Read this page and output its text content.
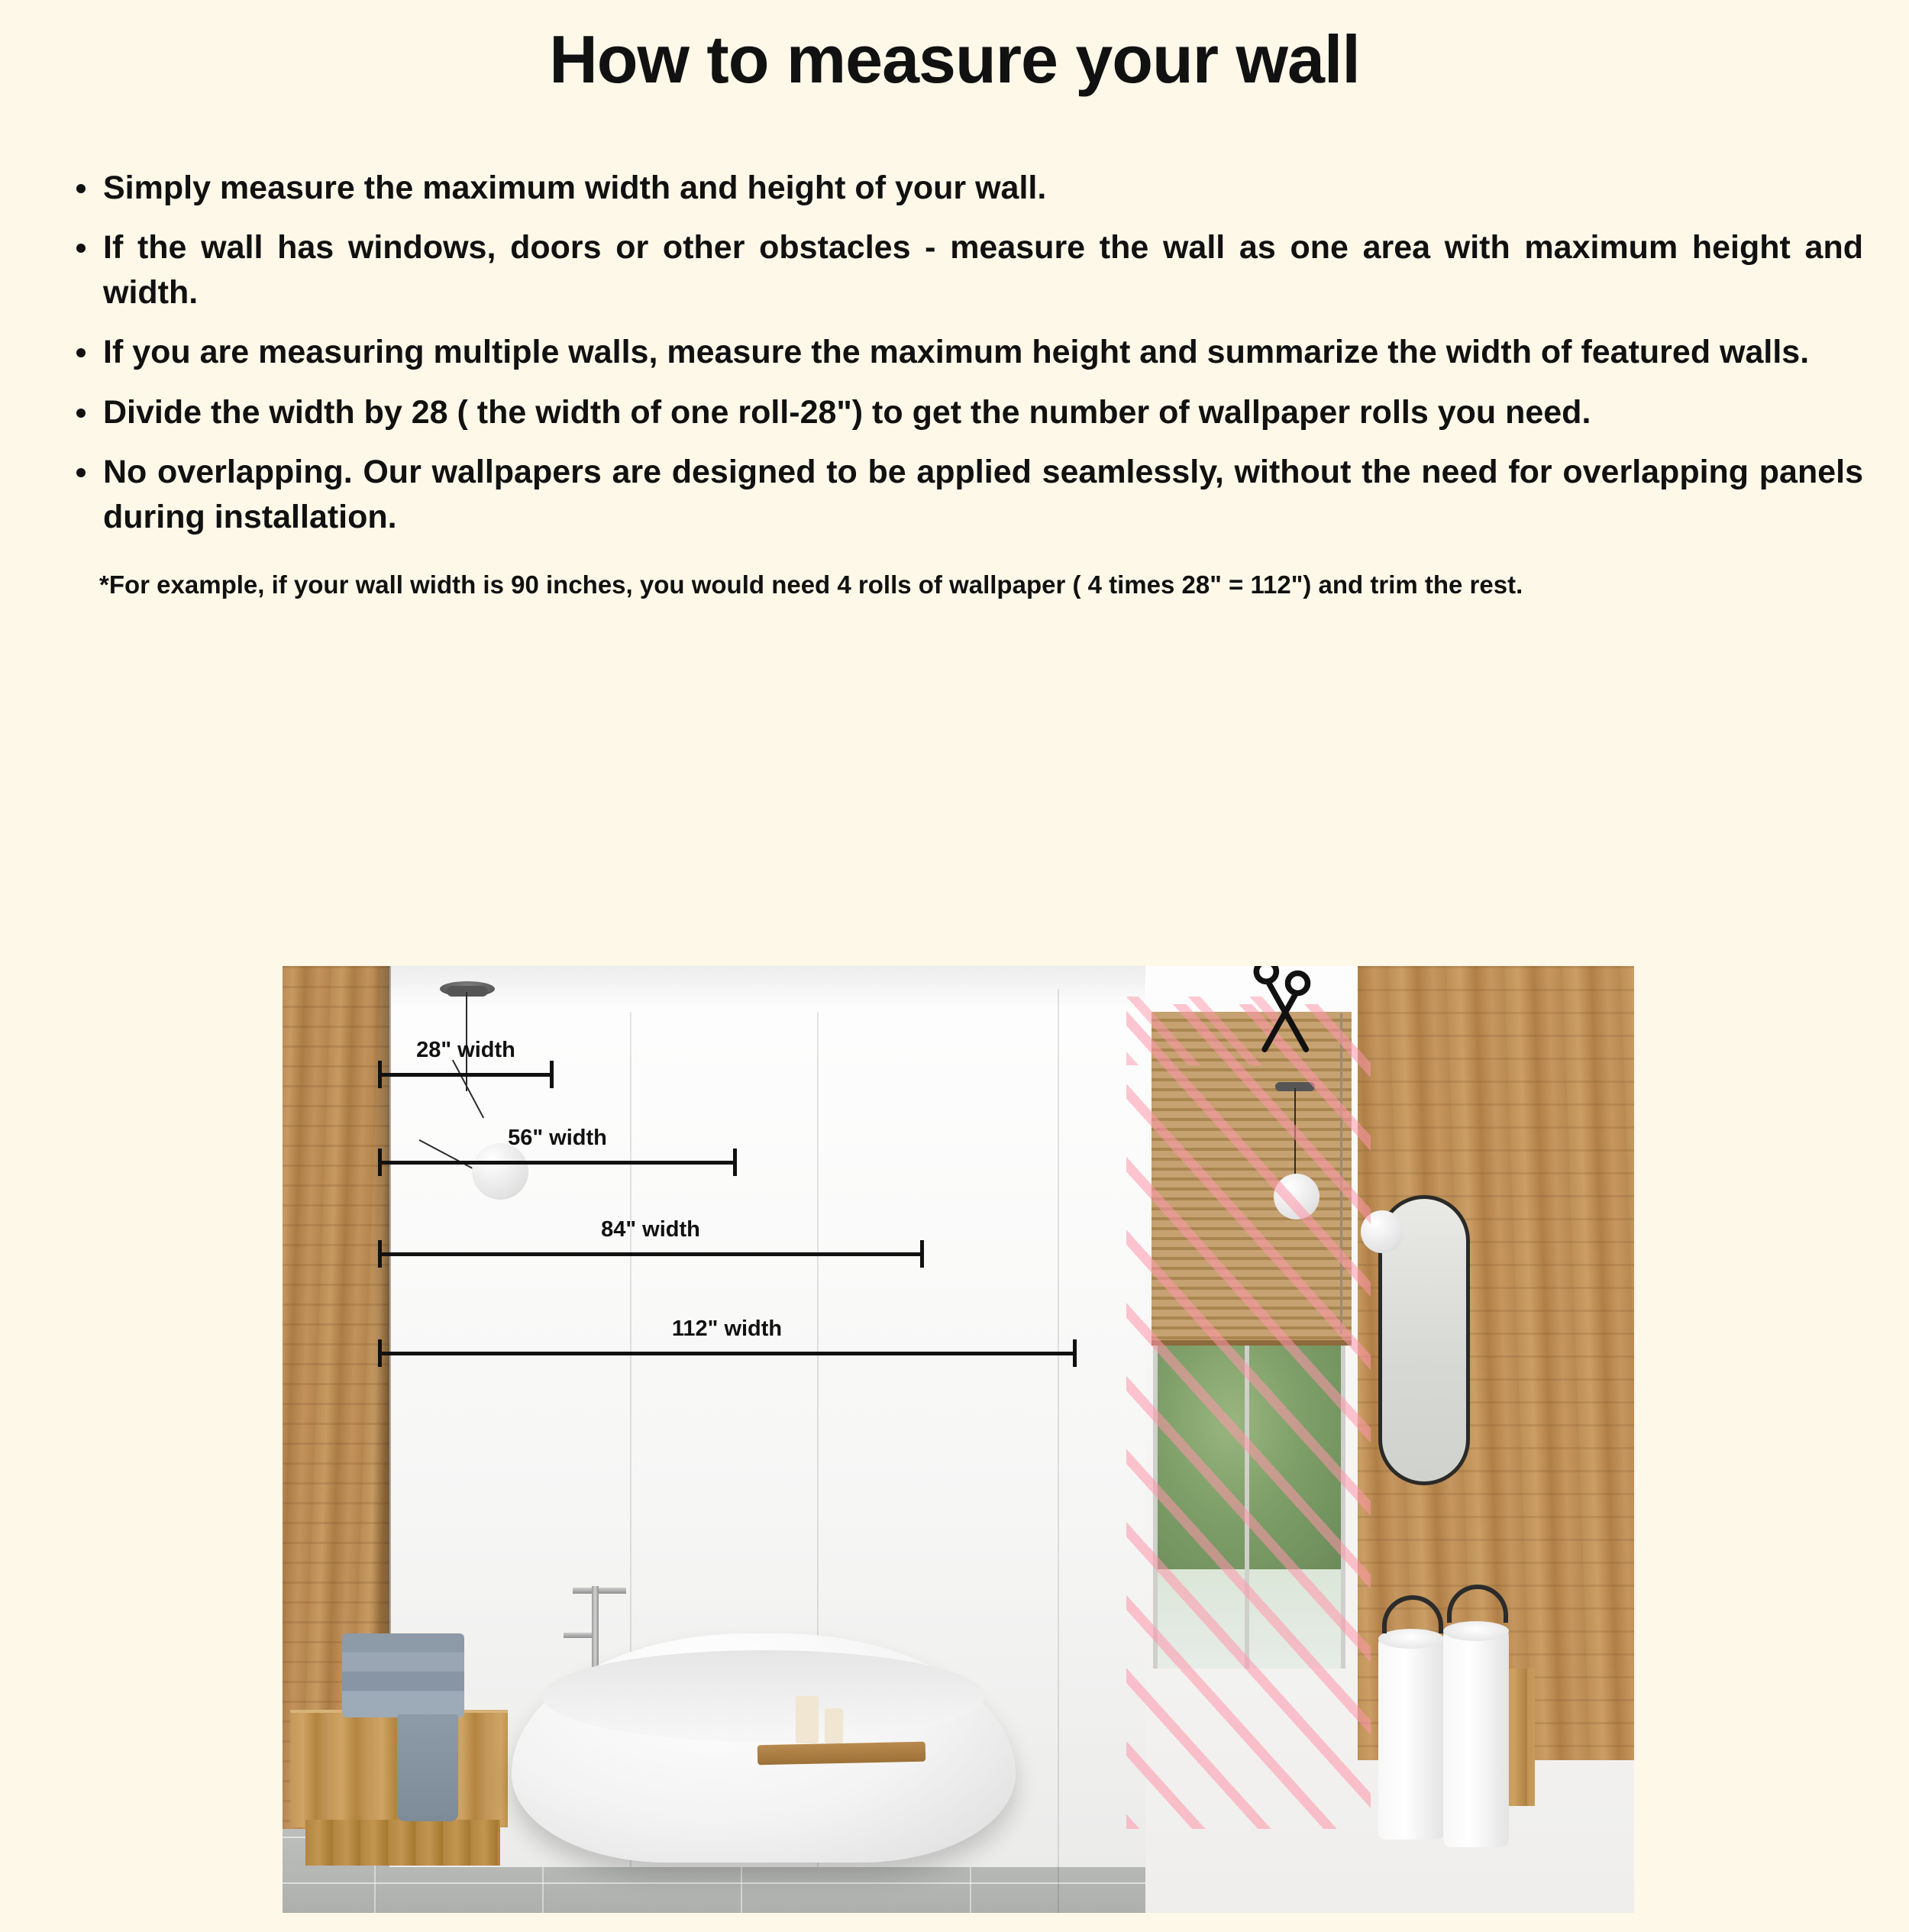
How to measure your wall
Simply measure the maximum width and height of your wall.
If the wall has windows, doors or other obstacles - measure the wall as one area with maximum height and width.
If you are measuring multiple walls, measure the maximum height and summarize the width of featured walls.
Divide the width by 28 ( the width of one roll-28") to get the number of wallpaper rolls you need.
No overlapping. Our wallpapers are designed to be applied seamlessly, without the need for overlapping panels during installation.
*For example, if your wall width is 90 inches, you would need 4 rolls of wallpaper ( 4 times 28" = 112") and trim the rest.
28" width
56" width
84" width
112" width
